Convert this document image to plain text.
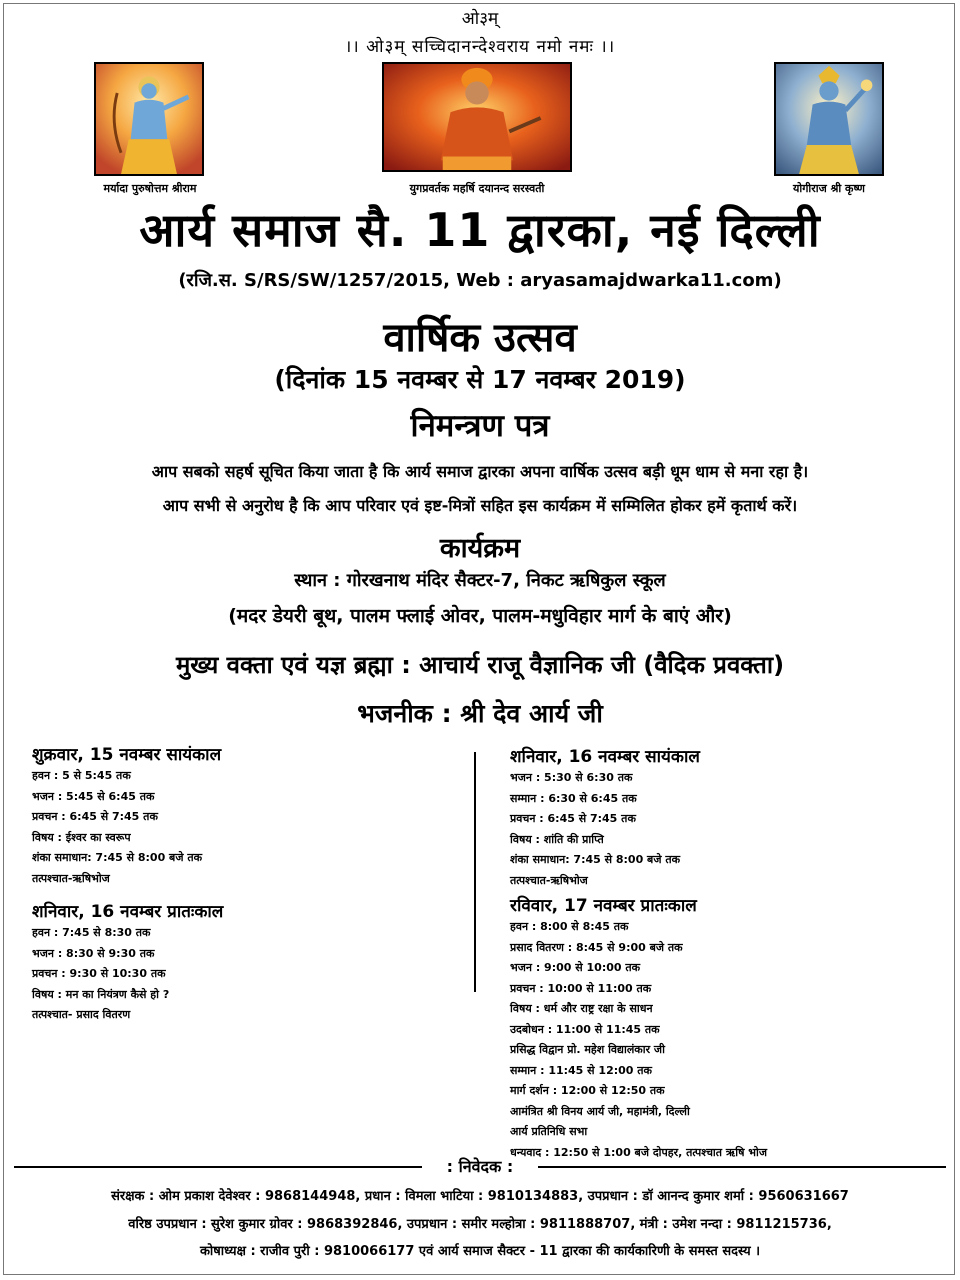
ओ३म्
।। ओ३म् सच्चिदानन्देश्वराय नमो नमः ।।
मर्यादा पुरुषोत्तम श्रीराम	युगप्रवर्तक महर्षि दयानन्द सरस्वती	योगीराज श्री कृष्ण
आर्य समाज सै. 11 द्वारका, नई दिल्ली
(रजि.स. S/RS/SW/1257/2015, Web : aryasamajdwarka11.com)
वार्षिक उत्सव
(दिनांक 15 नवम्बर से 17 नवम्बर 2019)
निमन्त्रण पत्र
आप सबको सहर्ष सूचित किया जाता है कि आर्य समाज द्वारका अपना वार्षिक उत्सव बड़ी धूम धाम से मना रहा है।
आप सभी से अनुरोध है कि आप परिवार एवं इष्ट-मित्रों सहित इस कार्यक्रम में सम्मिलित होकर हमें कृतार्थ करें।
कार्यक्रम
स्थान : गोरखनाथ मंदिर सैक्टर-7, निकट ऋषिकुल स्कूल
(मदर डेयरी बूथ, पालम फ्लाई ओवर, पालम-मधुविहार मार्ग के बाएं और)
मुख्य वक्ता एवं यज्ञ ब्रह्मा : आचार्य राजू वैज्ञानिक जी (वैदिक प्रवक्ता)
भजनीक : श्री देव आर्य जी
शुक्रवार, 15 नवम्बर सायंकाल
हवन : 5 से 5:45 तक
भजन : 5:45 से 6:45 तक
प्रवचन : 6:45 से 7:45 तक
विषय : ईश्वर का स्वरूप
शंका समाधान: 7:45 से 8:00 बजे तक
तत्पश्चात-ऋषिभोज
शनिवार, 16 नवम्बर प्रातःकाल
हवन : 7:45 से 8:30 तक
भजन : 8:30 से 9:30 तक
प्रवचन : 9:30 से 10:30 तक
विषय : मन का नियंत्रण कैसे हो ?
तत्पश्चात- प्रसाद वितरण
शनिवार, 16 नवम्बर सायंकाल
भजन : 5:30 से 6:30 तक
सम्मान : 6:30 से 6:45 तक
प्रवचन : 6:45 से 7:45 तक
विषय : शांति की प्राप्ति
शंका समाधान: 7:45 से 8:00 बजे तक
तत्पश्चात-ऋषिभोज
रविवार, 17 नवम्बर प्रातःकाल
हवन : 8:00 से 8:45 तक
प्रसाद वितरण : 8:45 से 9:00 बजे तक
भजन : 9:00 से 10:00 तक
प्रवचन : 10:00 से 11:00 तक
विषय : धर्म और राष्ट्र रक्षा के साधन
उदबोधन : 11:00 से 11:45 तक
प्रसिद्ध विद्वान प्रो. महेश विद्यालंकार जी
सम्मान : 11:45 से 12:00 तक
मार्ग दर्शन : 12:00 से 12:50 तक
आमंत्रित श्री विनय आर्य जी, महामंत्री, दिल्ली
आर्य प्रतिनिधि सभा
धन्यवाद : 12:50 से 1:00 बजे दोपहर, तत्पश्चात ऋषि भोज
: निवेदक :
संरक्षक : ओम प्रकाश देवेश्वर : 9868144948, प्रधान : विमला भाटिया : 9810134883, उपप्रधान : डॉ आनन्द कुमार शर्मा : 9560631667
वरिष्ठ उपप्रधान : सुरेश कुमार ग्रोवर : 9868392846, उपप्रधान : समीर मल्होत्रा : 9811888707, मंत्री : उमेश नन्दा : 9811215736,
कोषाध्यक्ष : राजीव पुरी : 9810066177 एवं आर्य समाज सैक्टर - 11 द्वारका की कार्यकारिणी के समस्त सदस्य ।
